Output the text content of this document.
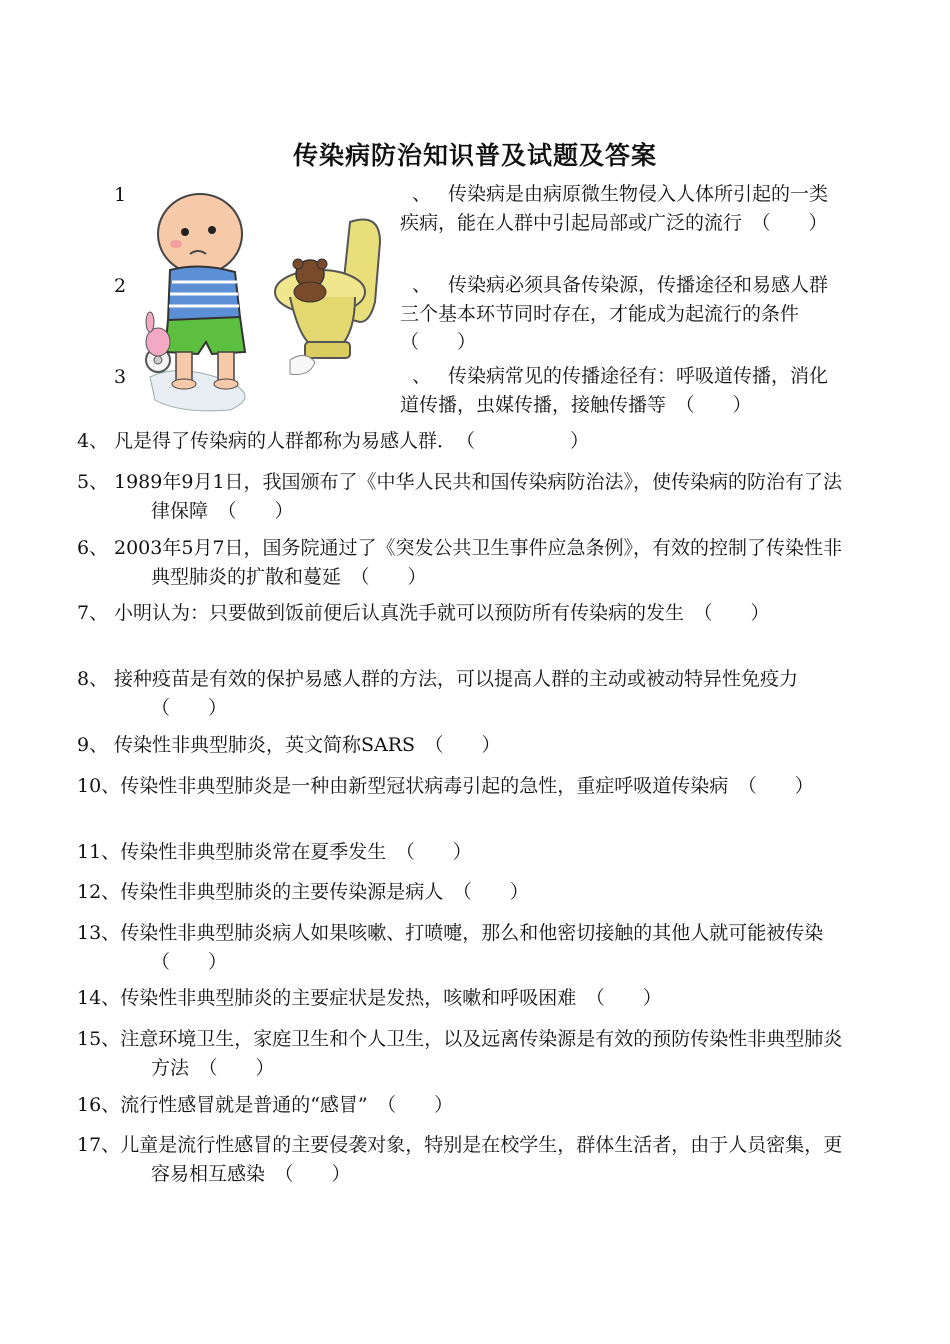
传染病防治知识普及试题及答案
1	、 传染病是由病原微生物侵入人体所引起的一类疾病，能在人群中引起局部或广泛的流行　（　　）
2	、 传染病必须具备传染源，传播途径和易感人群三个基本环节同时存在，才能成为起流行的条件　（　　）
3	、 传染病常见的传播途径有：呼吸道传播，消化道传播，虫媒传播，接触传播等　（　　）
4、 凡是得了传染病的人群都称为易感人群．　（　　　　　）
5、 1989年9月1日，我国颁布了《中华人民共和国传染病防治法》，使传染病的防治有了法律保障　（　　）
6、 2003年5月7日，国务院通过了《突发公共卫生事件应急条例》，有效的控制了传染性非典型肺炎的扩散和蔓延　（　　）
7、 小明认为：只要做到饭前便后认真洗手就可以预防所有传染病的发生　（　　）
8、 接种疫苗是有效的保护易感人群的方法，可以提高人群的主动或被动特异性免疫力　（　　）
9、 传染性非典型肺炎，英文简称SARS　（　　）
10、传染性非典型肺炎是一种由新型冠状病毒引起的急性，重症呼吸道传染病　（　　）
11、传染性非典型肺炎常在夏季发生　（　　）
12、传染性非典型肺炎的主要传染源是病人　（　　）
13、传染性非典型肺炎病人如果咳嗽、打喷嚏，那么和他密切接触的其他人就可能被传染　（　　）
14、传染性非典型肺炎的主要症状是发热，咳嗽和呼吸困难　（　　）
15、注意环境卫生，家庭卫生和个人卫生，以及远离传染源是有效的预防传染性非典型肺炎方法　（　　）
16、流行性感冒就是普通的“感冒”　（　　）
17、儿童是流行性感冒的主要侵袭对象，特别是在校学生，群体生活者，由于人员密集，更容易相互感染　（　　）
